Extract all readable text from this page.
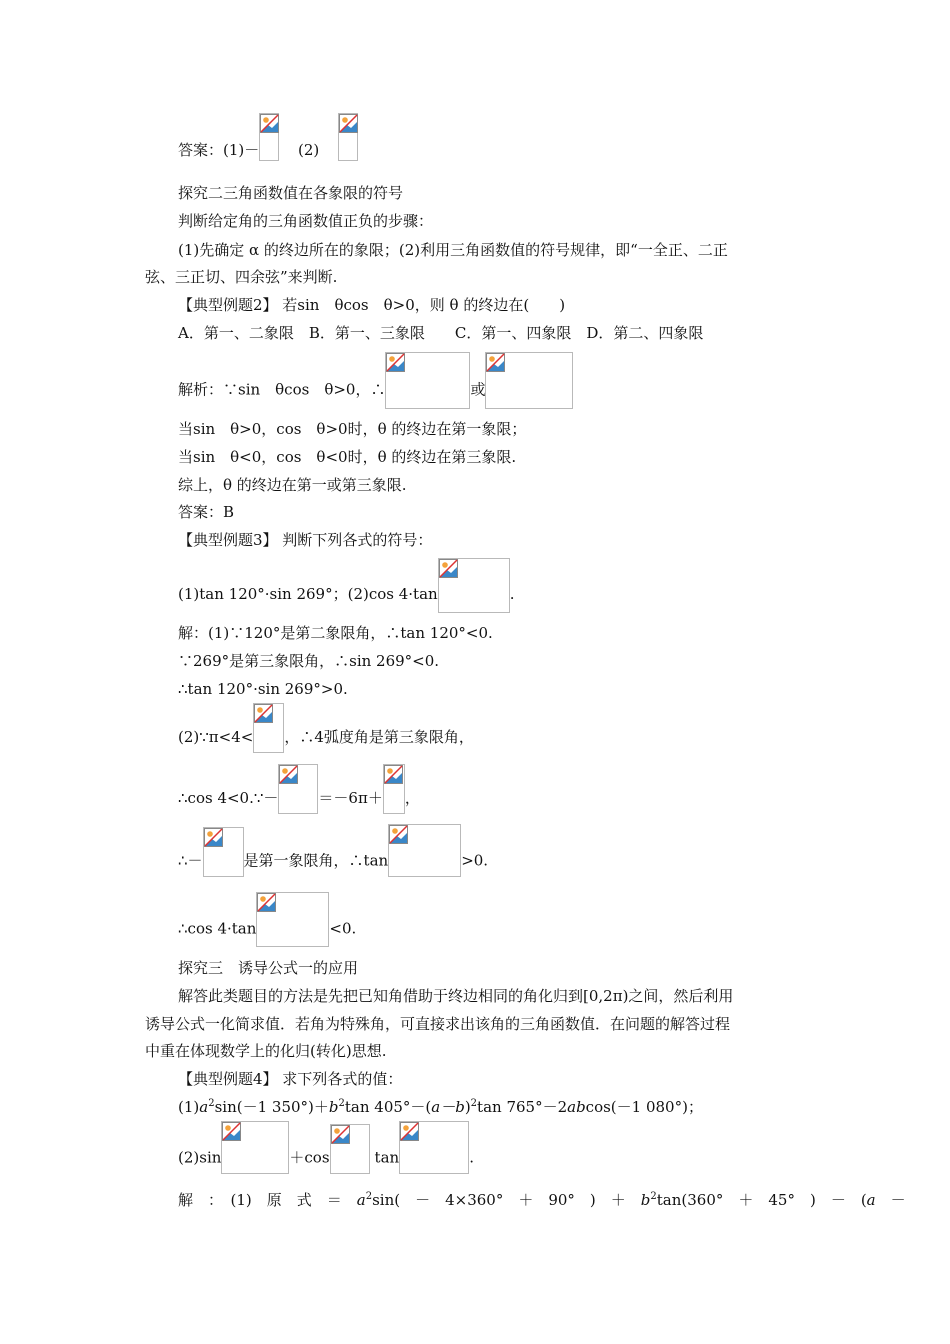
答案：(1)－	(2)
探究二三角函数值在各象限的符号
判断给定角的三角函数值正负的步骤：
(1)先确定 α 的终边所在的象限；(2)利用三角函数值的符号规律，即“一全正、二正
弦、三正切、四余弦”来判断.
【典型例题2】 若sin　θcos　θ>0，则 θ 的终边在(　　)
A．第一、二象限　B．第一、三象限　　C．第一、四象限　D．第二、四象限
解析：∵sin　θcos　θ>0，∴	或
当sin　θ>0，cos　θ>0时，θ 的终边在第一象限；
当sin　θ<0，cos　θ<0时，θ 的终边在第三象限.
综上，θ 的终边在第一或第三象限.
答案：B
【典型例题3】 判断下列各式的符号：
(1)tan 120°·sin 269°；(2)cos 4·tan	.
解：(1)∵120°是第二象限角，∴tan 120°<0.
∵269°是第三象限角，∴sin 269°<0.
∴tan 120°·sin 269°>0.
(2)∵π<4< ，∴4弧度角是第三象限角，
∴cos 4<0.∵－	＝－6π＋ ，
∴－	是第一象限角，∴tan	>0.
∴cos 4·tan	<0.
探究三　诱导公式一的应用
解答此类题目的方法是先把已知角借助于终边相同的角化归到[0,2π)之间，然后利用
诱导公式一化简求值．若角为特殊角，可直接求出该角的三角函数值．在问题的解答过程
中重在体现数学上的化归(转化)思想.
【典型例题4】 求下列各式的值：
$(1)a^2\sin(-1$ $350^\circ)+b^2\tan$ $405^\circ-(a-b)^2\tan$ 765°－2abcos(－1 080°)；
(2)sin	＋cos	tan	.
解　：　(1)　原　式　＝　$a^2\sin$(　－　4×360°　＋　90°　)　＋　$b^2\tan(360^\circ$　＋　45°　)　－　(a　－
